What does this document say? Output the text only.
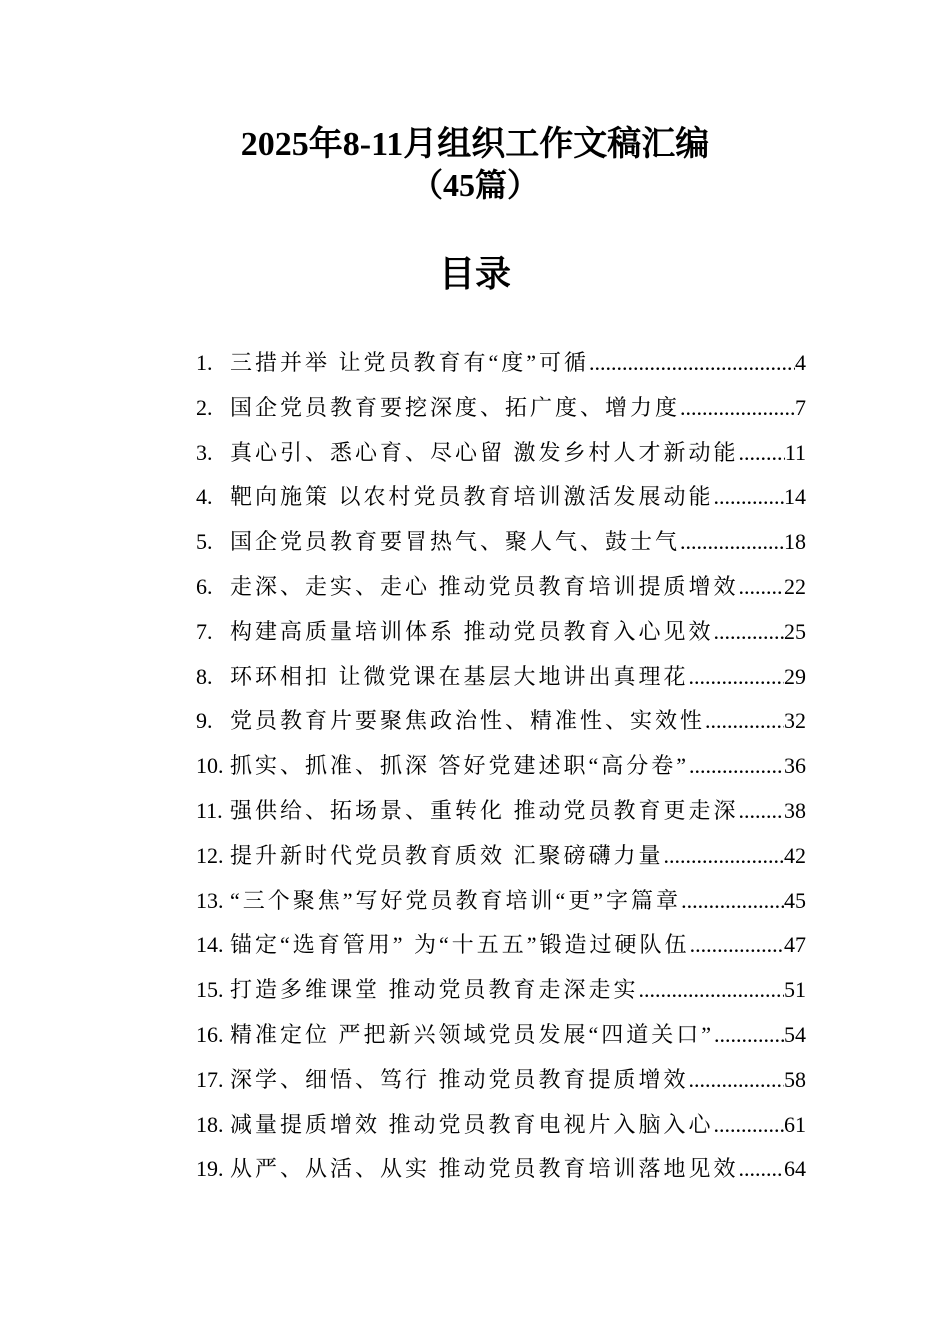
2025年8-11月组织工作文稿汇编
（45篇）
目录
1. 三措并举 让党员教育有“度”可循 .....	4
2. 国企党员教育要挖深度、拓广度、增力度 .....	7
3. 真心引、悉心育、尽心留 激发乡村人才新动能 ..... 11
4. 靶向施策 以农村党员教育培训激活发展动能 .....	14
5. 国企党员教育要冒热气、聚人气、鼓士气 .....	18
6. 走深、走实、走心 推动党员教育培训提质增效 ..... 22
7. 构建高质量培训体系 推动党员教育入心见效 .....	25
8. 环环相扣 让微党课在基层大地讲出真理花 .....	29
9. 党员教育片要聚焦政治性、精准性、实效性 .....	32
10. 抓实、抓准、抓深 答好党建述职“高分卷” .....	36
11. 强供给、拓场景、重转化 推动党员教育更走深 ..... 38
12. 提升新时代党员教育质效 汇聚磅礴力量 .....	42
13. “三个聚焦”写好党员教育培训“更”字篇章 .....	45
14. 锚定“选育管用” 为“十五五”锻造过硬队伍 .....	47
15. 打造多维课堂 推动党员教育走深走实 .....	51
16. 精准定位 严把新兴领域党员发展“四道关口” .....	54
17. 深学、细悟、笃行 推动党员教育提质增效 .....	58
18. 减量提质增效 推动党员教育电视片入脑入心 .....	61
19. 从严、从活、从实 推动党员教育培训落地见效 ..... 64
